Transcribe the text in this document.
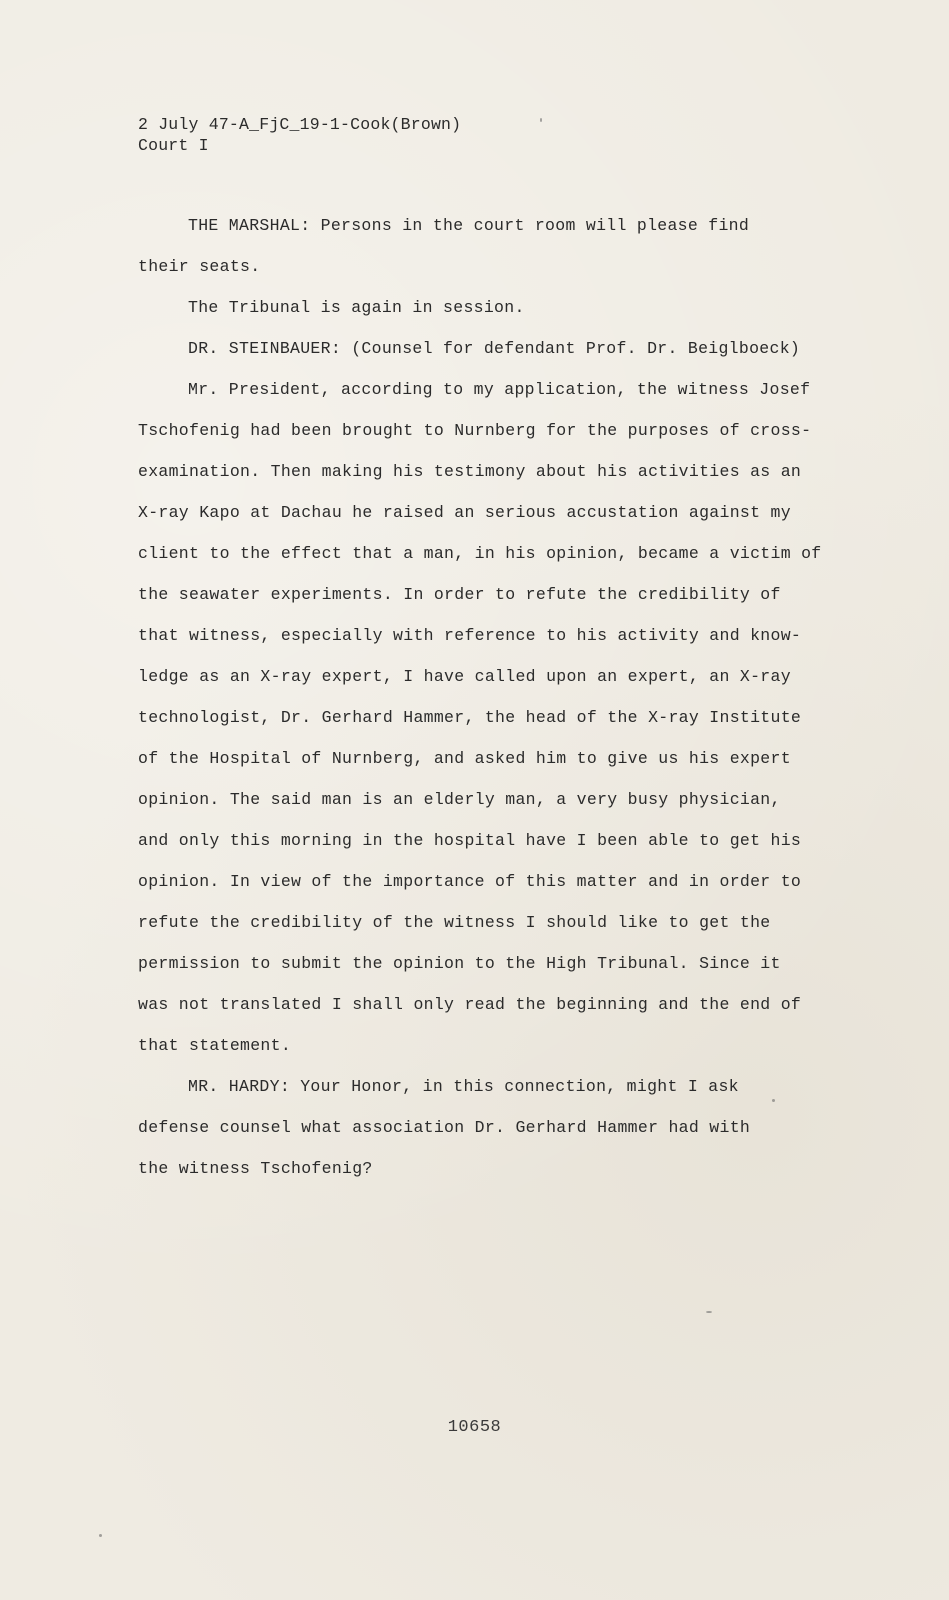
2 July 47-A_FjC_19-1-Cook(Brown)
Court I

THE MARSHAL: Persons in the court room will please find

their seats.

The Tribunal is again in session.

DR. STEINBAUER: (Counsel for defendant Prof. Dr. Beiglboeck)

Mr. President, according to my application, the witness Josef

Tschofenig had been brought to Nurnberg for the purposes of cross-
examination. Then making his testimony about his activities as an
X-ray Kapo at Dachau he raised an serious accustation against my
client to the effect that a man, in his opinion, became a victim of
the seawater experiments. In order to refute the credibility of
that witness, especially with reference to his activity and know-
ledge as an X-ray expert, I have called upon an expert, an X-ray
technologist, Dr. Gerhard Hammer, the head of the X-ray Institute
of the Hospital of Nurnberg, and asked him to give us his expert
opinion. The said man is an elderly man, a very busy physician,
and only this morning in the hospital have I been able to get his
opinion. In view of the importance of this matter and in order to
refute the credibility of the witness I should like to get the
permission to submit the opinion to the High Tribunal. Since it
was not translated I shall only read the beginning and the end of
that statement.

MR. HARDY: Your Honor, in this connection, might I ask

defense counsel what association Dr. Gerhard Hammer had with
the witness Tschofenig?

10658
